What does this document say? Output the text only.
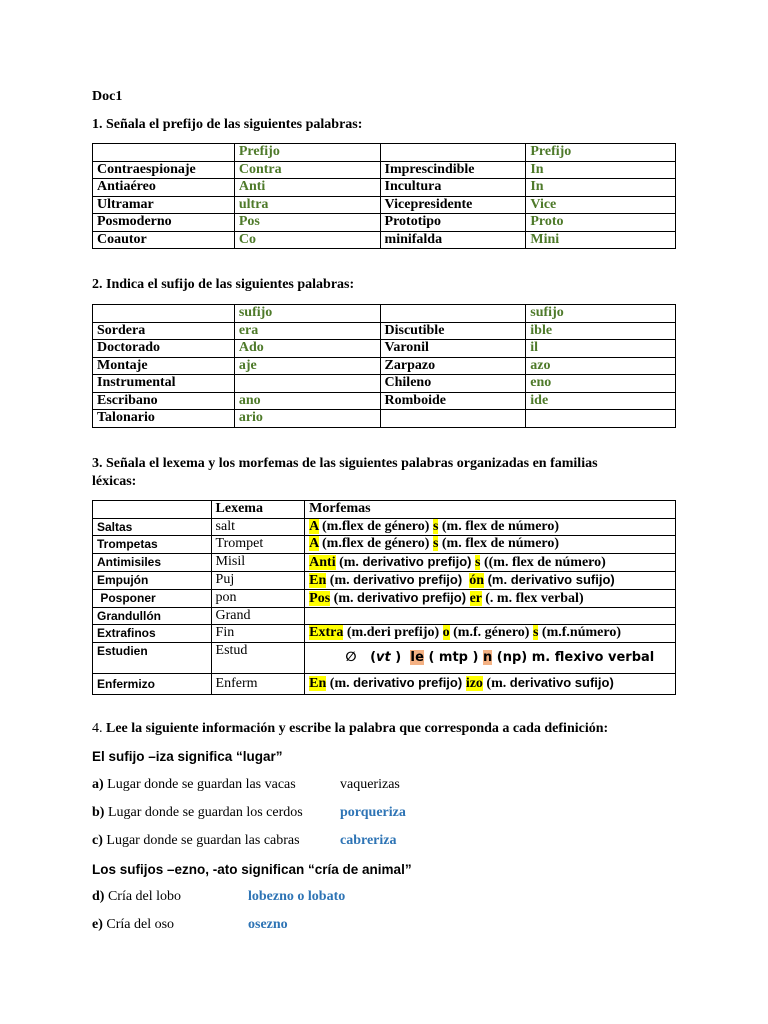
Doc1
1. Señala el prefijo de las siguientes palabras:
	Prefijo		Prefijo
Contraespionaje	Contra	Imprescindible	In
Antiaéreo	Anti	Incultura	In
Ultramar	ultra	Vicepresidente	Vice
Posmoderno	Pos	Prototipo	Proto
Coautor	Co	minifalda	Mini
2. Indica el sufijo de las siguientes palabras:
	sufijo		sufijo
Sordera	era	Discutible	ible
Doctorado	Ado	Varonil	il
Montaje	aje	Zarpazo	azo
Instrumental		Chileno	eno
Escribano	ano	Romboide	ide
Talonario	ario		
3. Señala el lexema y los morfemas de las siguientes palabras organizadas en familias
léxicas:
	Lexema	Morfemas
Saltas	salt	A (m.flex de género) s (m. flex de número)
Trompetas	Trompet	A (m.flex de género) s (m. flex de número)
Antimisiles	Misil	Anti (m. derivativo prefijo) s ((m. flex de número)
Empujón	Puj	En (m. derivativo prefijo) ón (m. derivativo sufijo)
Posponer	pon	Pos (m. derivativo prefijo) er (. m. flex verbal)
Grandullón	Grand	
Extrafinos	Fin	Extra (m.deri prefijo) o (m.f. género) s (m.f.número)
Estudien	Estud	∅   (vt )  Ie ( mtp ) n (np) m. flexivo verbal
Enfermizo	Enferm	En (m. derivativo prefijo) izo (m. derivativo sufijo)
4. Lee la siguiente información y escribe la palabra que corresponda a cada definición:
El sufijo –iza significa “lugar”
a) Lugar donde se guardan las vacas	vaquerizas
b) Lugar donde se guardan los cerdos	porqueriza
c) Lugar donde se guardan las cabras	cabreriza
Los sufijos –ezno, -ato significan “cría de animal”
d) Cría del lobo	lobezno o lobato
e) Cría del oso	osezno
